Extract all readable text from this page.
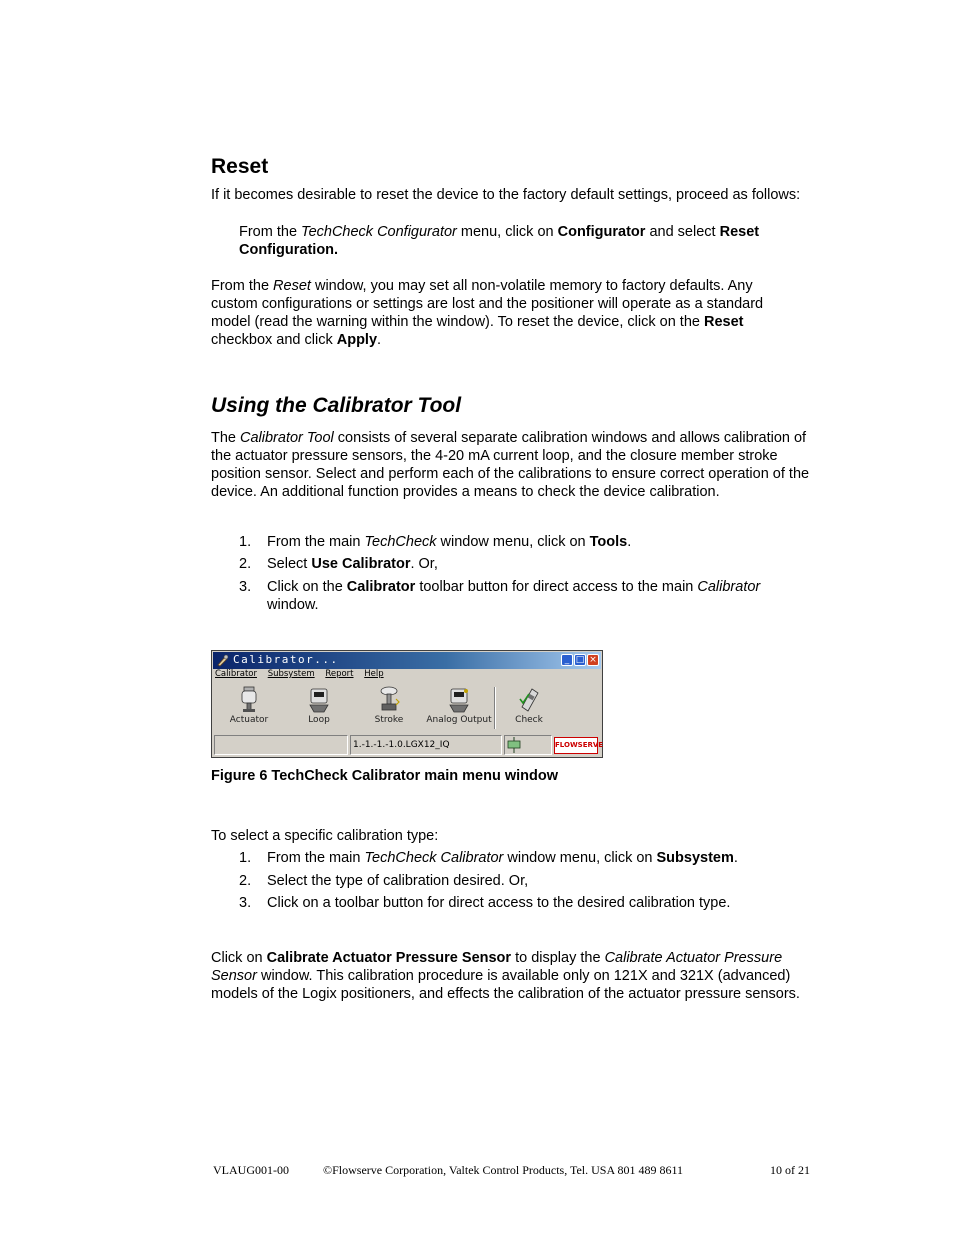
Reset
If it becomes desirable to reset the device to the factory default settings, proceed as follows:
From the TechCheck Configurator menu, click on Configurator and select Reset Configuration.
From the Reset window, you may set all non-volatile memory to factory defaults. Any custom configurations or settings are lost and the positioner will operate as a standard model (read the warning within the window). To reset the device, click on the Reset checkbox and click Apply.
Using the Calibrator Tool
The Calibrator Tool consists of several separate calibration windows and allows calibration of the actuator pressure sensors, the 4-20 mA current loop, and the closure member stroke position sensor. Select and perform each of the calibrations to ensure correct operation of the device. An additional function provides a means to check the device calibration.
1. From the main TechCheck window menu, click on Tools.
2. Select Use Calibrator. Or,
3. Click on the Calibrator toolbar button for direct access to the main Calibrator window.
Calibrator...	_ □ ×
Calibrator Subsystem Report Help
Actuator	Loop	Stroke	Analog Output	Check
1.-1.-1.-1.0.LGX12_IQ	FLOWSERVE
Figure 6 TechCheck Calibrator main menu window
To select a specific calibration type:
1. From the main TechCheck Calibrator window menu, click on Subsystem.
2. Select the type of calibration desired. Or,
3. Click on a toolbar button for direct access to the desired calibration type.
Click on Calibrate Actuator Pressure Sensor to display the Calibrate Actuator Pressure Sensor window. This calibration procedure is available only on 121X and 321X (advanced) models of the Logix positioners, and effects the calibration of the actuator pressure sensors.
VLAUG001-00	©Flowserve Corporation, Valtek Control Products, Tel. USA 801 489 8611	10 of 21
